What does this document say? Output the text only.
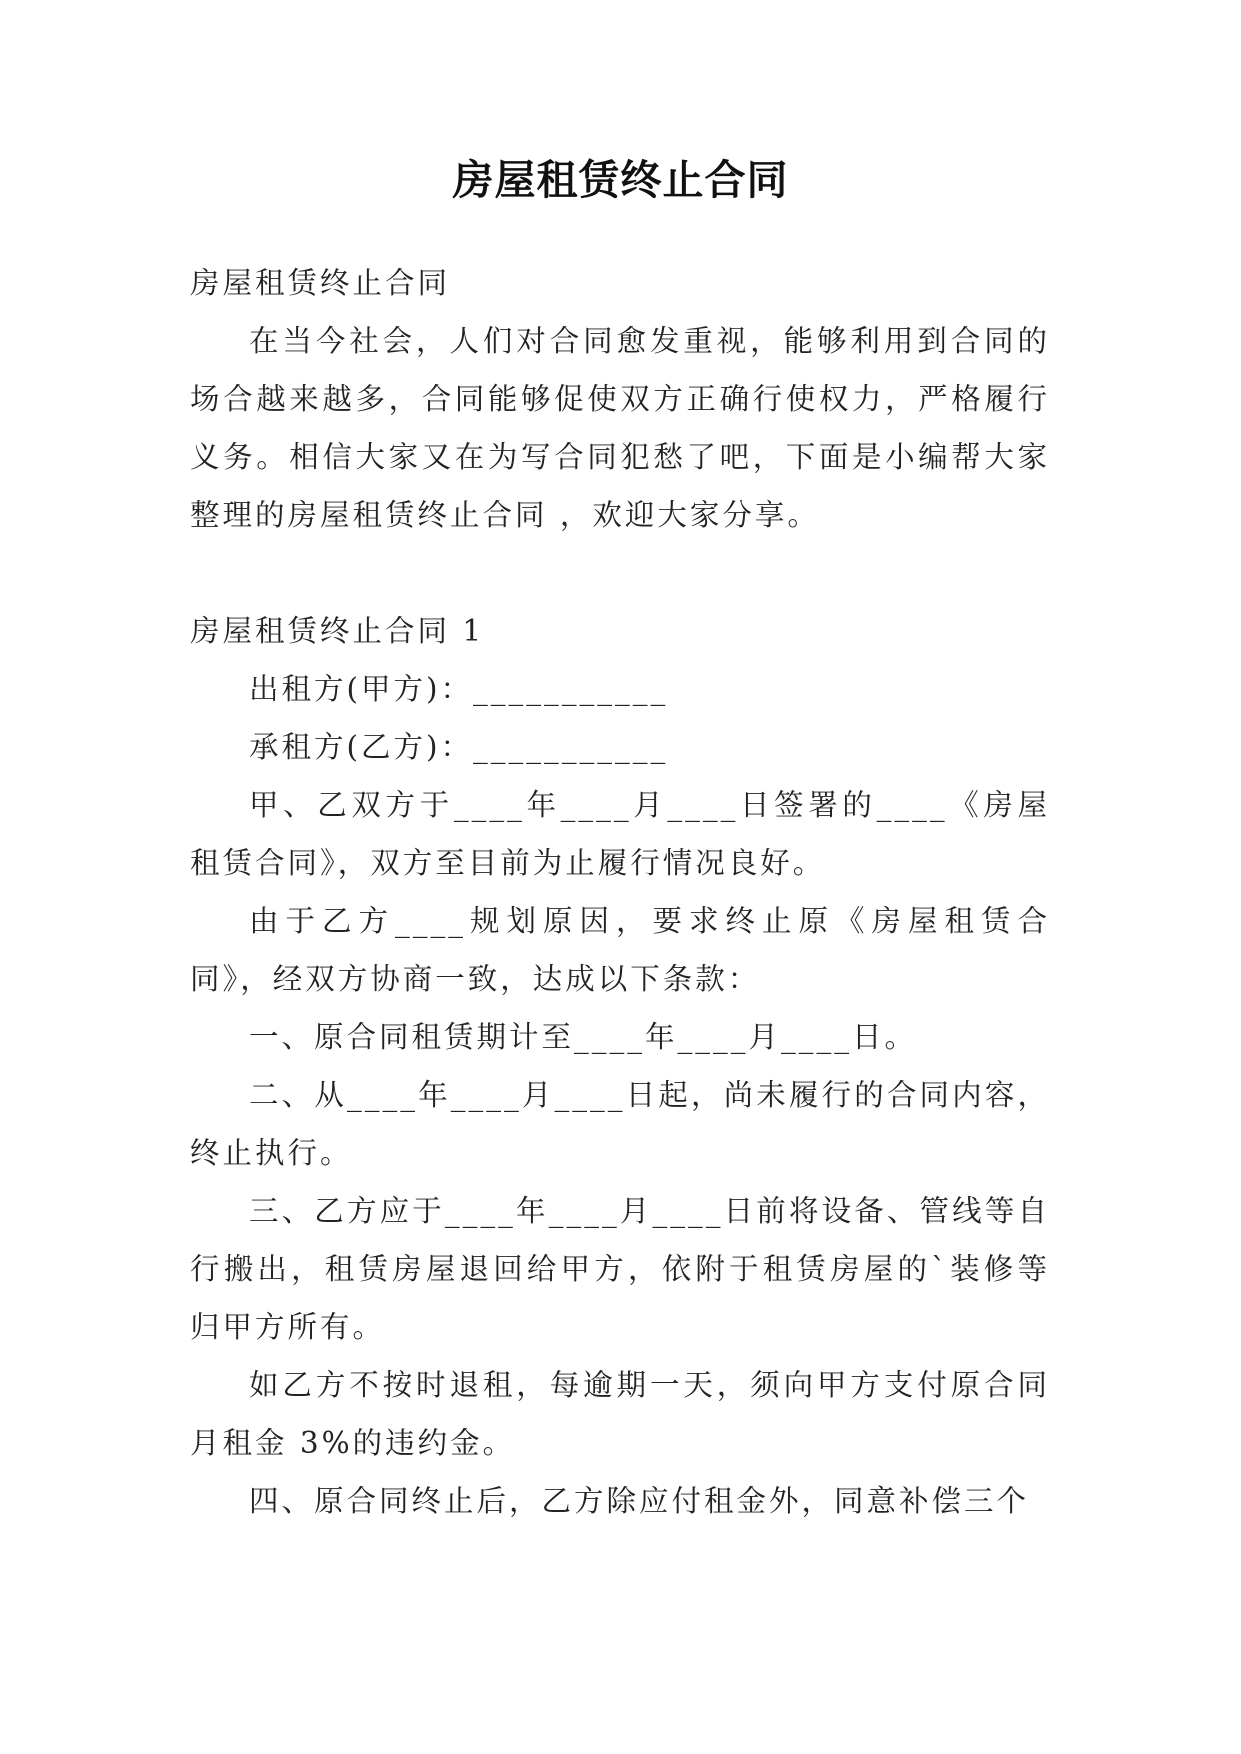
房屋租赁终止合同

房屋租赁终止合同

在当今社会，人们对合同愈发重视，能够利用到合同的场合越来越多，合同能够促使双方正确行使权力，严格履行义务。相信大家又在为写合同犯愁了吧，下面是小编帮大家整理的房屋租赁终止合同 ，欢迎大家分享。

房屋租赁终止合同 1

出租方(甲方)：___________

承租方(乙方)：___________

甲、乙双方于____年____月____日签署的____《房屋租赁合同》，双方至目前为止履行情况良好。

由于乙方____规划原因，要求终止原《房屋租赁合同》，经双方协商一致，达成以下条款：

一、原合同租赁期计至____年____月____日。

二、从____年____月____日起，尚未履行的合同内容，终止执行。

三、乙方应于____年____月____日前将设备、管线等自行搬出，租赁房屋退回给甲方，依附于租赁房屋的`装修等归甲方所有。

如乙方不按时退租，每逾期一天，须向甲方支付原合同月租金 3%的违约金。

四、原合同终止后，乙方除应付租金外，同意补偿三个
